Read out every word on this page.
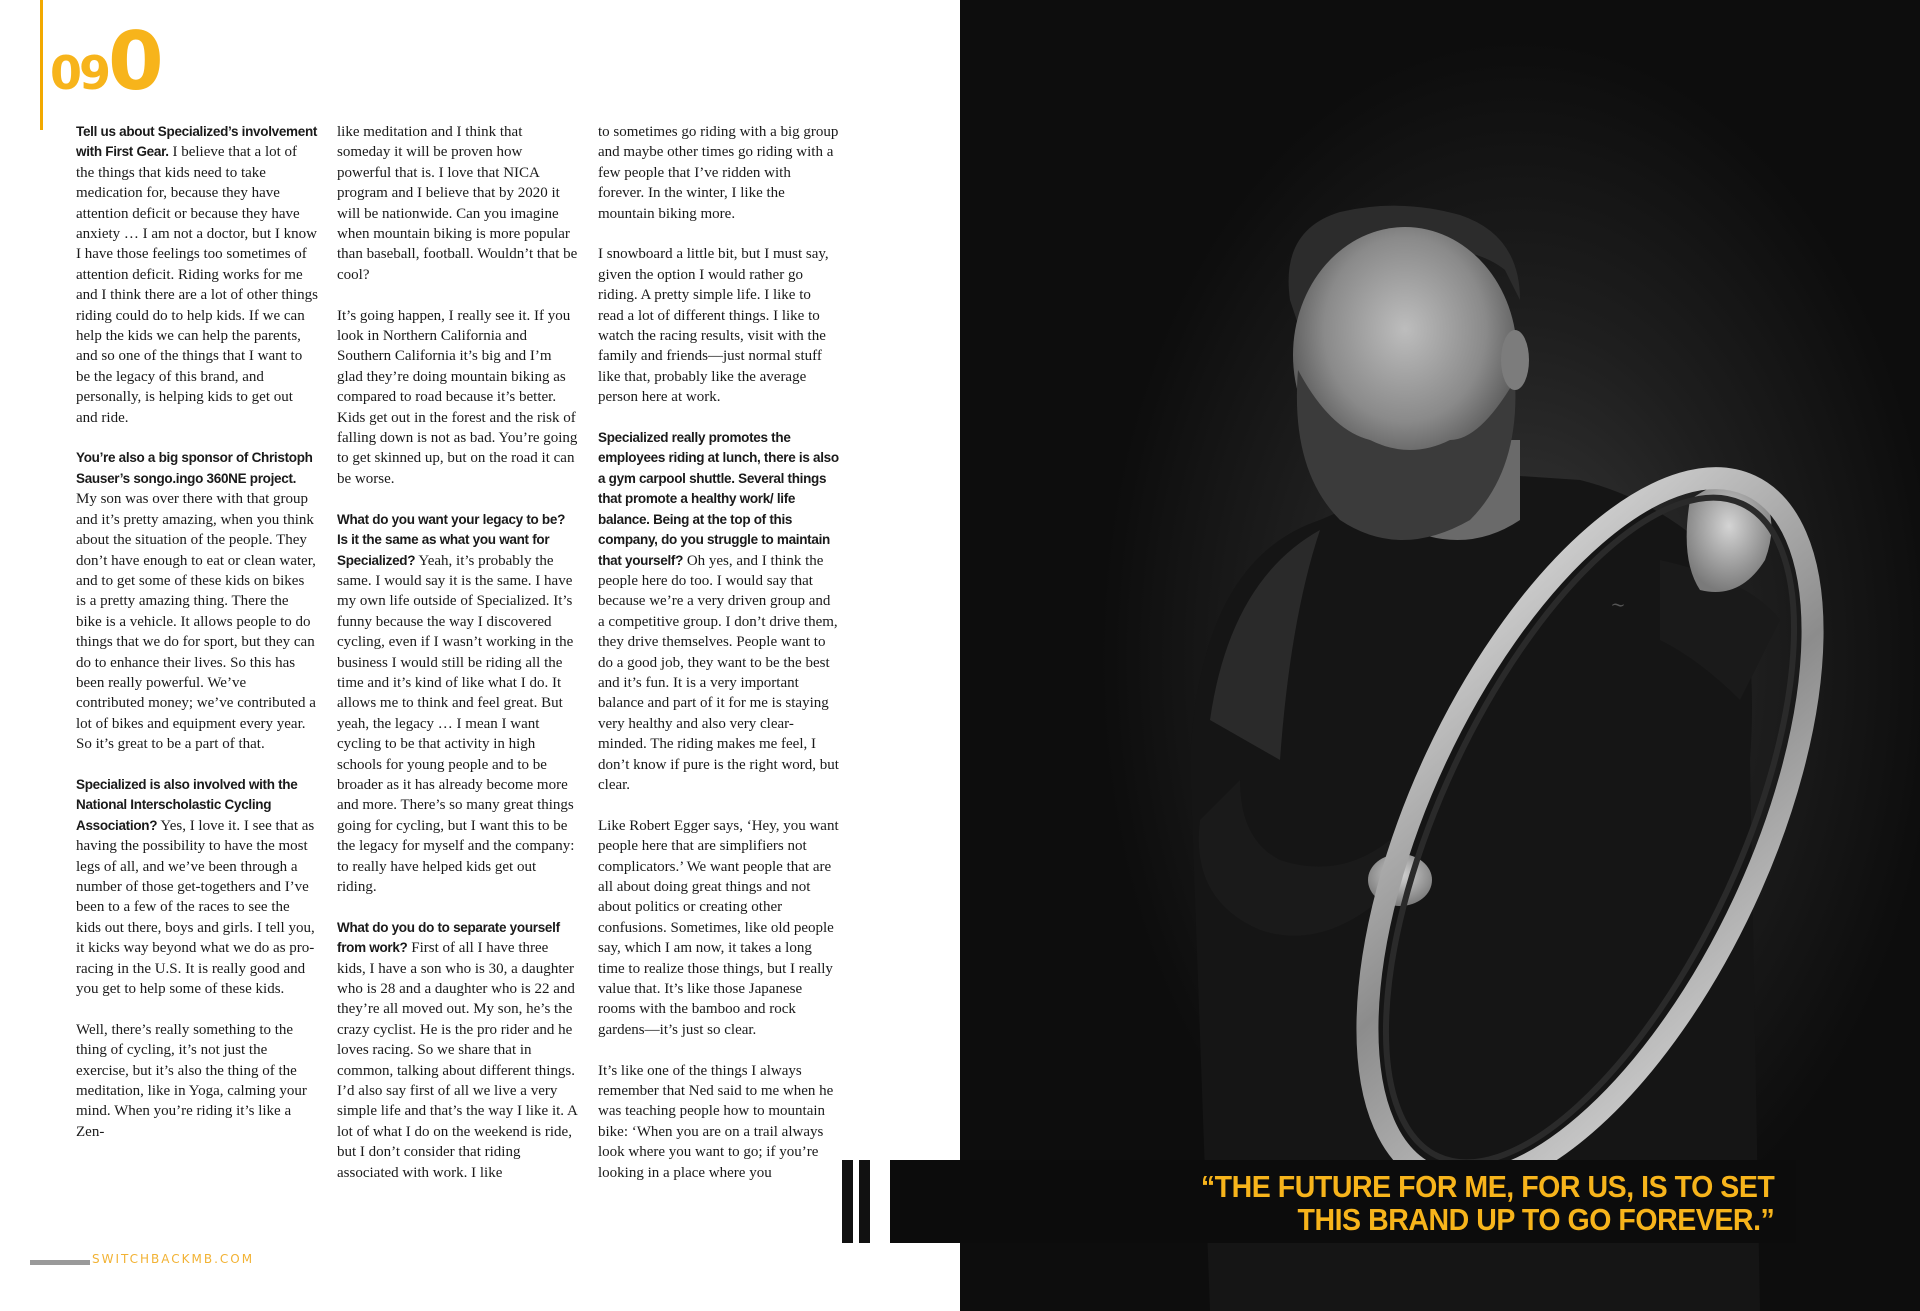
090

Tell us about Specialized’s involvement with First Gear. I believe that a lot of the things that kids need to take medication for, because they have attention deficit or because they have anxiety … I am not a doctor, but I know I have those feelings too sometimes of attention deficit. Riding works for me and I think there are a lot of other things riding could do to help kids. If we can help the kids we can help the parents, and so one of the things that I want to be the legacy of this brand, and personally, is helping kids to get out and ride.

You’re also a big sponsor of Christoph Sauser’s songo.ingo 360NE project. My son was over there with that group and it’s pretty amazing, when you think about the situation of the people. They don’t have enough to eat or clean water, and to get some of these kids on bikes is a pretty amazing thing. There the bike is a vehicle. It allows people to do things that we do for sport, but they can do to enhance their lives. So this has been really powerful. We’ve contributed money; we’ve contributed a lot of bikes and equipment every year. So it’s great to be a part of that.

Specialized is also involved with the National Interscholastic Cycling Association? Yes, I love it. I see that as having the possibility to have the most legs of all, and we’ve been through a number of those get-togethers and I’ve been to a few of the races to see the kids out there, boys and girls. I tell you, it kicks way beyond what we do as pro-racing in the U.S. It is really good and you get to help some of these kids.

Well, there’s really something to the thing of cycling, it’s not just the exercise, but it’s also the thing of the meditation, like in Yoga, calming your mind. When you’re riding it’s like a Zen-

like meditation and I think that someday it will be proven how powerful that is. I love that NICA program and I believe that by 2020 it will be nationwide. Can you imagine when mountain biking is more popular than baseball, football. Wouldn’t that be cool?

It’s going happen, I really see it. If you look in Northern California and Southern California it’s big and I’m glad they’re doing mountain biking as compared to road because it’s better. Kids get out in the forest and the risk of falling down is not as bad. You’re going to get skinned up, but on the road it can be worse.

What do you want your legacy to be? Is it the same as what you want for Specialized? Yeah, it’s probably the same. I would say it is the same. I have my own life outside of Specialized. It’s funny because the way I discovered cycling, even if I wasn’t working in the business I would still be riding all the time and it’s kind of like what I do. It allows me to think and feel great. But yeah, the legacy … I mean I want cycling to be that activity in high schools for young people and to be broader as it has already become more and more. There’s so many great things going for cycling, but I want this to be the legacy for myself and the company: to really have helped kids get out riding.

What do you do to separate yourself from work? First of all I have three kids, I have a son who is 30, a daughter who is 28 and a daughter who is 22 and they’re all moved out. My son, he’s the crazy cyclist. He is the pro rider and he loves racing. So we share that in common, talking about different things. I’d also say first of all we live a very simple life and that’s the way I like it. A lot of what I do on the weekend is ride, but I don’t consider that riding associated with work. I like

to sometimes go riding with a big group and maybe other times go riding with a few people that I’ve ridden with forever. In the winter, I like the mountain biking more.

I snowboard a little bit, but I must say, given the option I would rather go riding. A pretty simple life. I like to read a lot of different things. I like to watch the racing results, visit with the family and friends—just normal stuff like that, probably like the average person here at work.

Specialized really promotes the employees riding at lunch, there is also a gym carpool shuttle. Several things that promote a healthy work/ life balance. Being at the top of this company, do you struggle to maintain that yourself? Oh yes, and I think the people here do too. I would say that because we’re a very driven group and a competitive group. I don’t drive them, they drive themselves. People want to do a good job, they want to be the best and it’s fun. It is a very important balance and part of it for me is staying very healthy and also very clear-minded. The riding makes me feel, I don’t know if pure is the right word, but clear.

Like Robert Egger says, ‘Hey, you want people here that are simplifiers not complicators.’ We want people that are all about doing great things and not about politics or creating other confusions. Sometimes, like old people say, which I am now, it takes a long time to realize those things, but I really value that. It’s like those Japanese rooms with the bamboo and rock gardens—it’s just so clear.

It’s like one of the things I always remember that Ned said to me when he was teaching people how to mountain bike: ‘When you are on a trail always look where you want to go; if you’re looking in a place where you

SWITCHBACKMB.COM
~
“THE FUTURE FOR ME, FOR US, IS TO SET
THIS BRAND UP TO GO FOREVER.”
